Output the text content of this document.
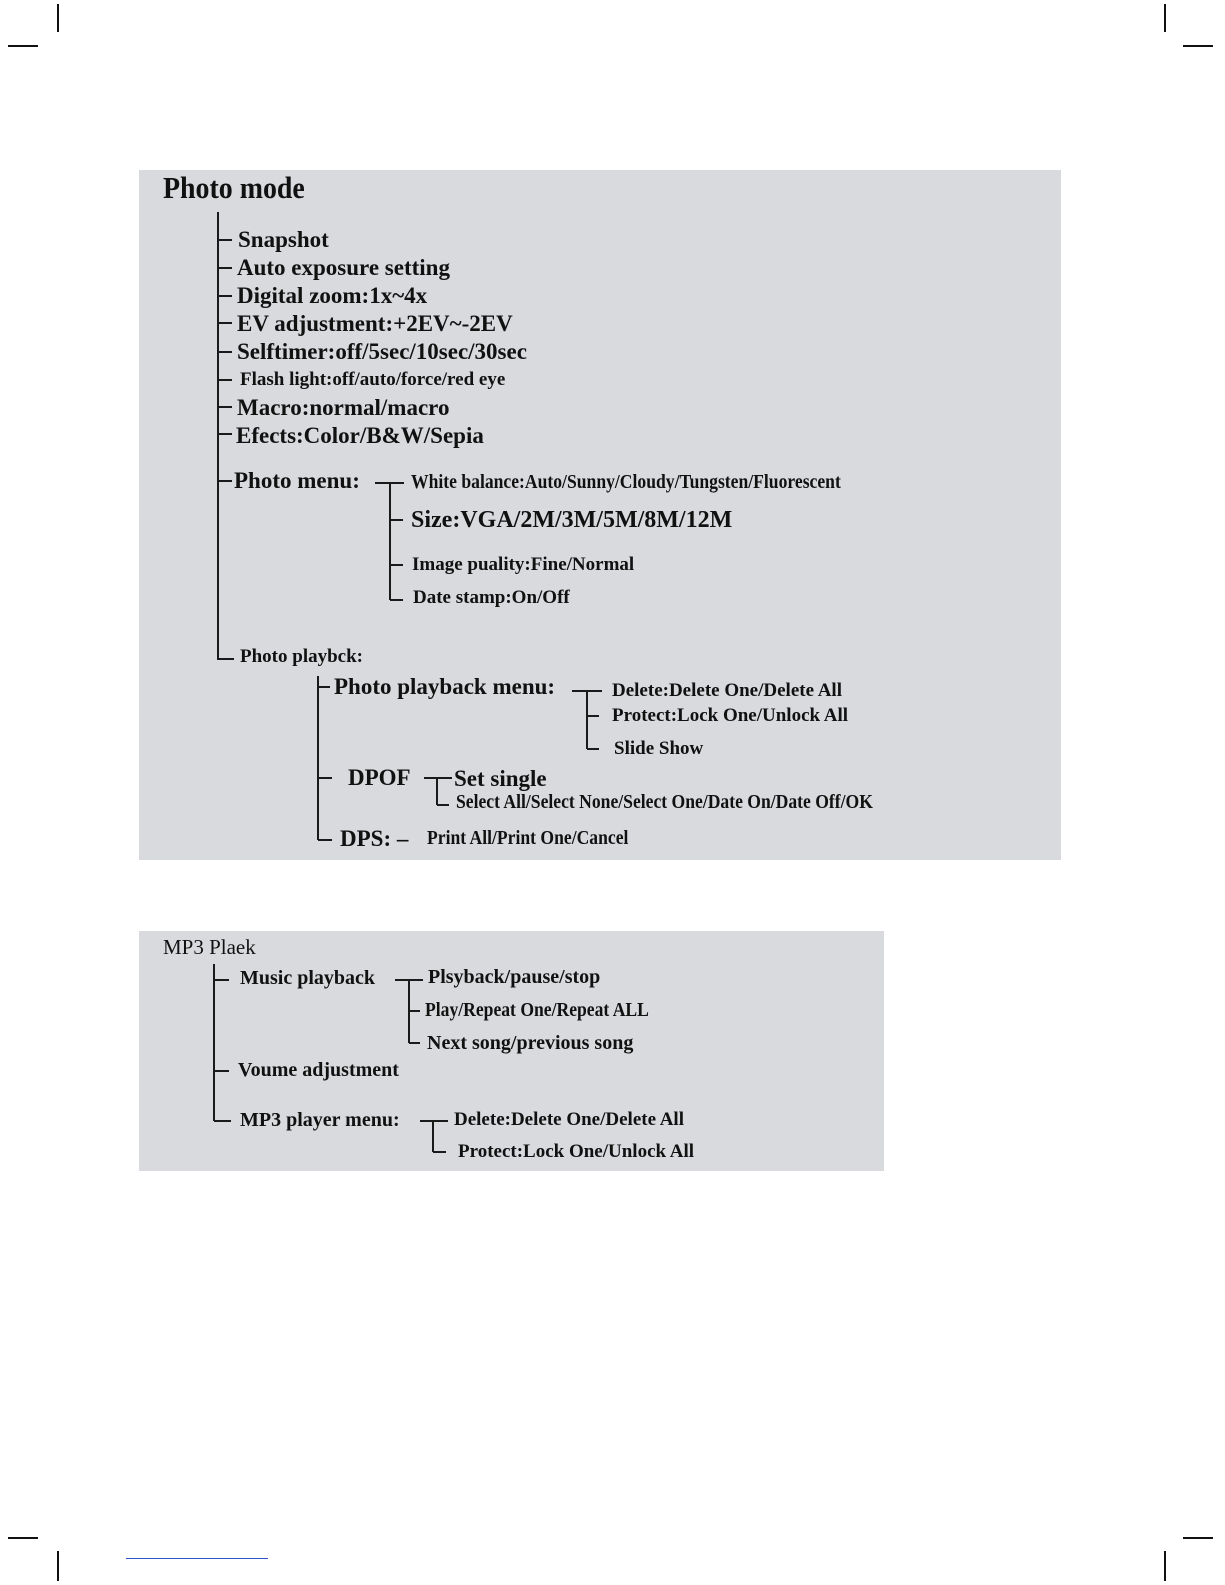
Photo mode
Snapshot
Auto exposure setting
Digital zoom:1x~4x
EV adjustment:+2EV~-2EV
Selftimer:off/5sec/10sec/30sec
Flash light:off/auto/force/red eye
Macro:normal/macro
Efects:Color/B&W/Sepia
Photo menu:	White balance:Auto/Sunny/Cloudy/Tungsten/Fluorescent
Size:VGA/2M/3M/5M/8M/12M
Image puality:Fine/Normal
Date stamp:On/Off
Photo playbck:
Photo playback menu:	Delete:Delete One/Delete All
Protect:Lock One/Unlock All
Slide Show
DPOF Set single
Select All/Select None/Select One/Date On/Date Off/OK
DPS: – Print All/Print One/Cancel
MP3 Plaek
Music playback	Plsyback/pause/stop
Play/Repeat One/Repeat ALL
Next song/previous song
Voume adjustment
MP3 player menu:	Delete:Delete One/Delete All
Protect:Lock One/Unlock All
